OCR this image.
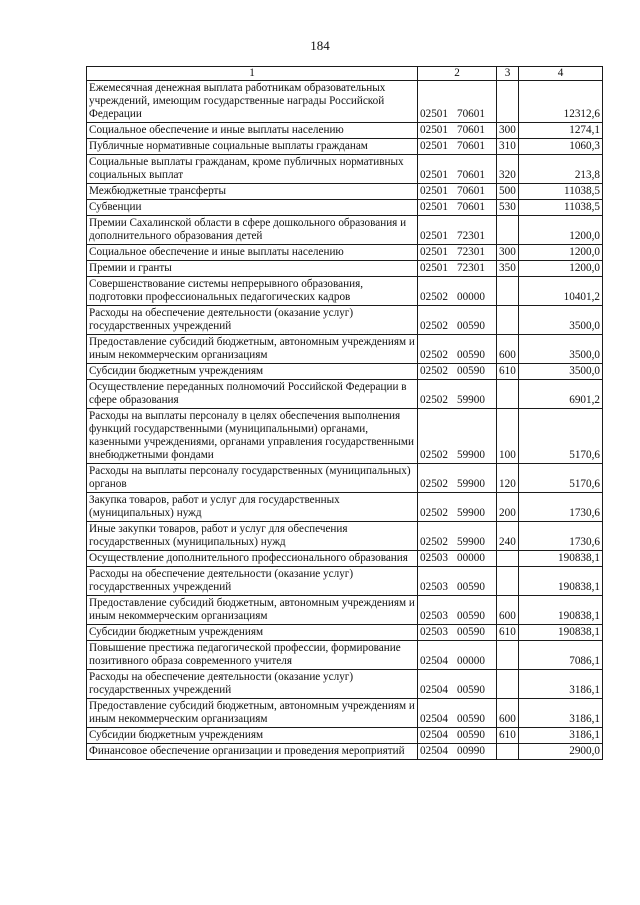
184
1	2	3	4
Ежемесячная денежная выплата работникам образовательных учреждений, имеющим государственные награды Российской Федерации	02501 70601		12312,6
Социальное обеспечение и иные выплаты населению	02501 70601	300	1274,1
Публичные нормативные социальные выплаты гражданам	02501 70601	310	1060,3
Социальные выплаты гражданам, кроме публичных нормативных социальных выплат	02501 70601	320	213,8
Межбюджетные трансферты	02501 70601	500	11038,5
Субвенции	02501 70601	530	11038,5
Премии Сахалинской области в сфере дошкольного образования и дополнительного образования детей	02501 72301		1200,0
Социальное обеспечение и иные выплаты населению	02501 72301	300	1200,0
Премии и гранты	02501 72301	350	1200,0
Совершенствование системы непрерывного образования, подготовки профессиональных педагогических кадров	02502 00000		10401,2
Расходы на обеспечение деятельности (оказание услуг) государственных учреждений	02502 00590		3500,0
Предоставление субсидий бюджетным, автономным учреждениям и иным некоммерческим организациям	02502 00590	600	3500,0
Субсидии бюджетным учреждениям	02502 00590	610	3500,0
Осуществление переданных полномочий Российской Федерации в сфере образования	02502 59900		6901,2
Расходы на выплаты персоналу в целях обеспечения выполнения функций государственными (муниципальными) органами, казенными учреждениями, органами управления государственными внебюджетными фондами	02502 59900	100	5170,6
Расходы на выплаты персоналу государственных (муниципальных) органов	02502 59900	120	5170,6
Закупка товаров, работ и услуг для государственных (муниципальных) нужд	02502 59900	200	1730,6
Иные закупки товаров, работ и услуг для обеспечения государственных (муниципальных) нужд	02502 59900	240	1730,6
Осуществление дополнительного профессионального образования	02503 00000		190838,1
Расходы на обеспечение деятельности (оказание услуг) государственных учреждений	02503 00590		190838,1
Предоставление субсидий бюджетным, автономным учреждениям и иным некоммерческим организациям	02503 00590	600	190838,1
Субсидии бюджетным учреждениям	02503 00590	610	190838,1
Повышение престижа педагогической профессии, формирование позитивного образа современного учителя	02504 00000		7086,1
Расходы на обеспечение деятельности (оказание услуг) государственных учреждений	02504 00590		3186,1
Предоставление субсидий бюджетным, автономным учреждениям и иным некоммерческим организациям	02504 00590	600	3186,1
Субсидии бюджетным учреждениям	02504 00590	610	3186,1
Финансовое обеспечение организации и проведения мероприятий	02504 00990		2900,0
